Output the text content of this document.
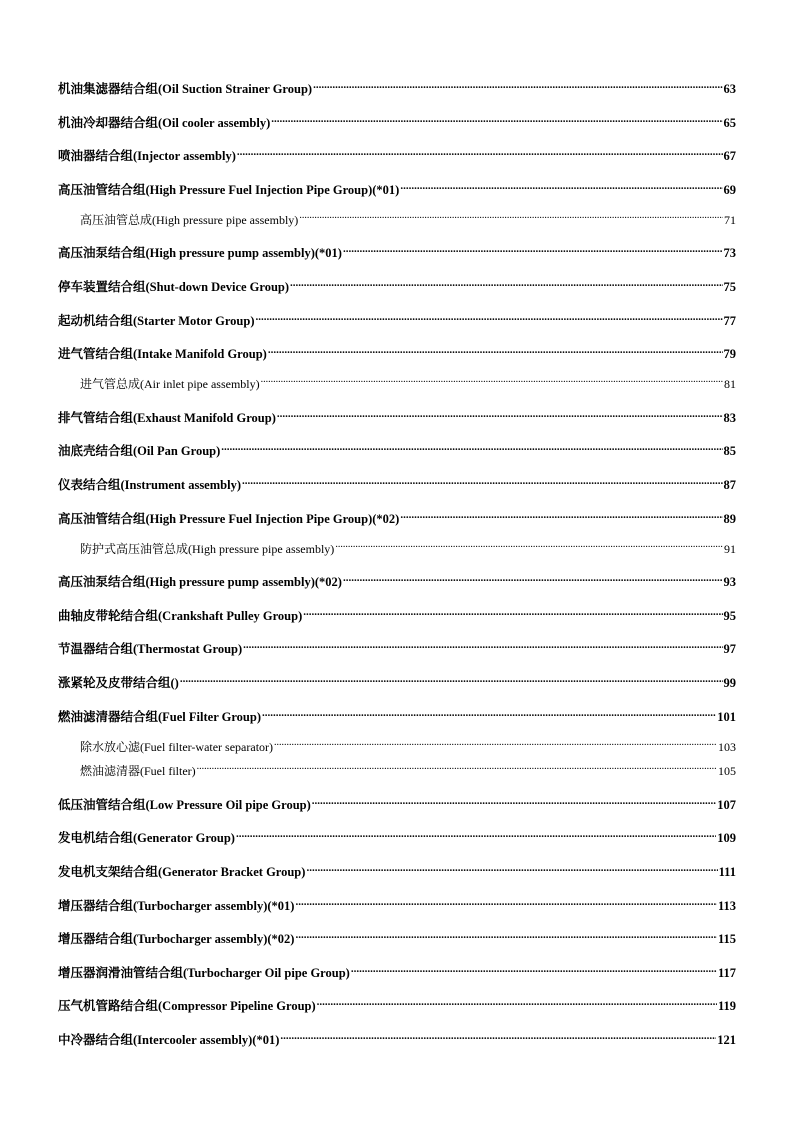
机油集滤器结合组(Oil Suction Strainer Group) .....	63
机油冷却器结合组(Oil cooler assembly) .....	65
喷油器结合组(Injector assembly) .....	67
高压油管结合组(High Pressure Fuel Injection Pipe Group)(*01) .....	69
高压油管总成(High pressure pipe assembly) .....	71
高压油泵结合组(High pressure pump assembly)(*01) .....	73
停车装置结合组(Shut-down Device Group) .....	75
起动机结合组(Starter Motor Group) .....	77
进气管结合组(Intake Manifold Group) .....	79
进气管总成(Air inlet pipe assembly) .....	81
排气管结合组(Exhaust Manifold Group) .....	83
油底壳结合组(Oil Pan Group) .....	85
仪表结合组(Instrument assembly) .....	87
高压油管结合组(High Pressure Fuel Injection Pipe Group)(*02) .....	89
防护式高压油管总成(High pressure pipe assembly) .....	91
高压油泵结合组(High pressure pump assembly)(*02) .....	93
曲轴皮带轮结合组(Crankshaft Pulley Group) .....	95
节温器结合组(Thermostat Group) .....	97
涨紧轮及皮带结合组() .....	99
燃油滤清器结合组(Fuel Filter Group) .....	101
除水放心滤(Fuel filter-water separator) .....	103
燃油滤清器(Fuel filter) .....	105
低压油管结合组(Low Pressure Oil pipe Group) .....	107
发电机结合组(Generator Group) .....	109
发电机支架结合组(Generator Bracket Group) .....	111
增压器结合组(Turbocharger assembly)(*01) .....	113
增压器结合组(Turbocharger assembly)(*02) .....	115
增压器润滑油管结合组(Turbocharger Oil pipe Group) .....	117
压气机管路结合组(Compressor Pipeline Group) .....	119
中冷器结合组(Intercooler assembly)(*01) .....	121
